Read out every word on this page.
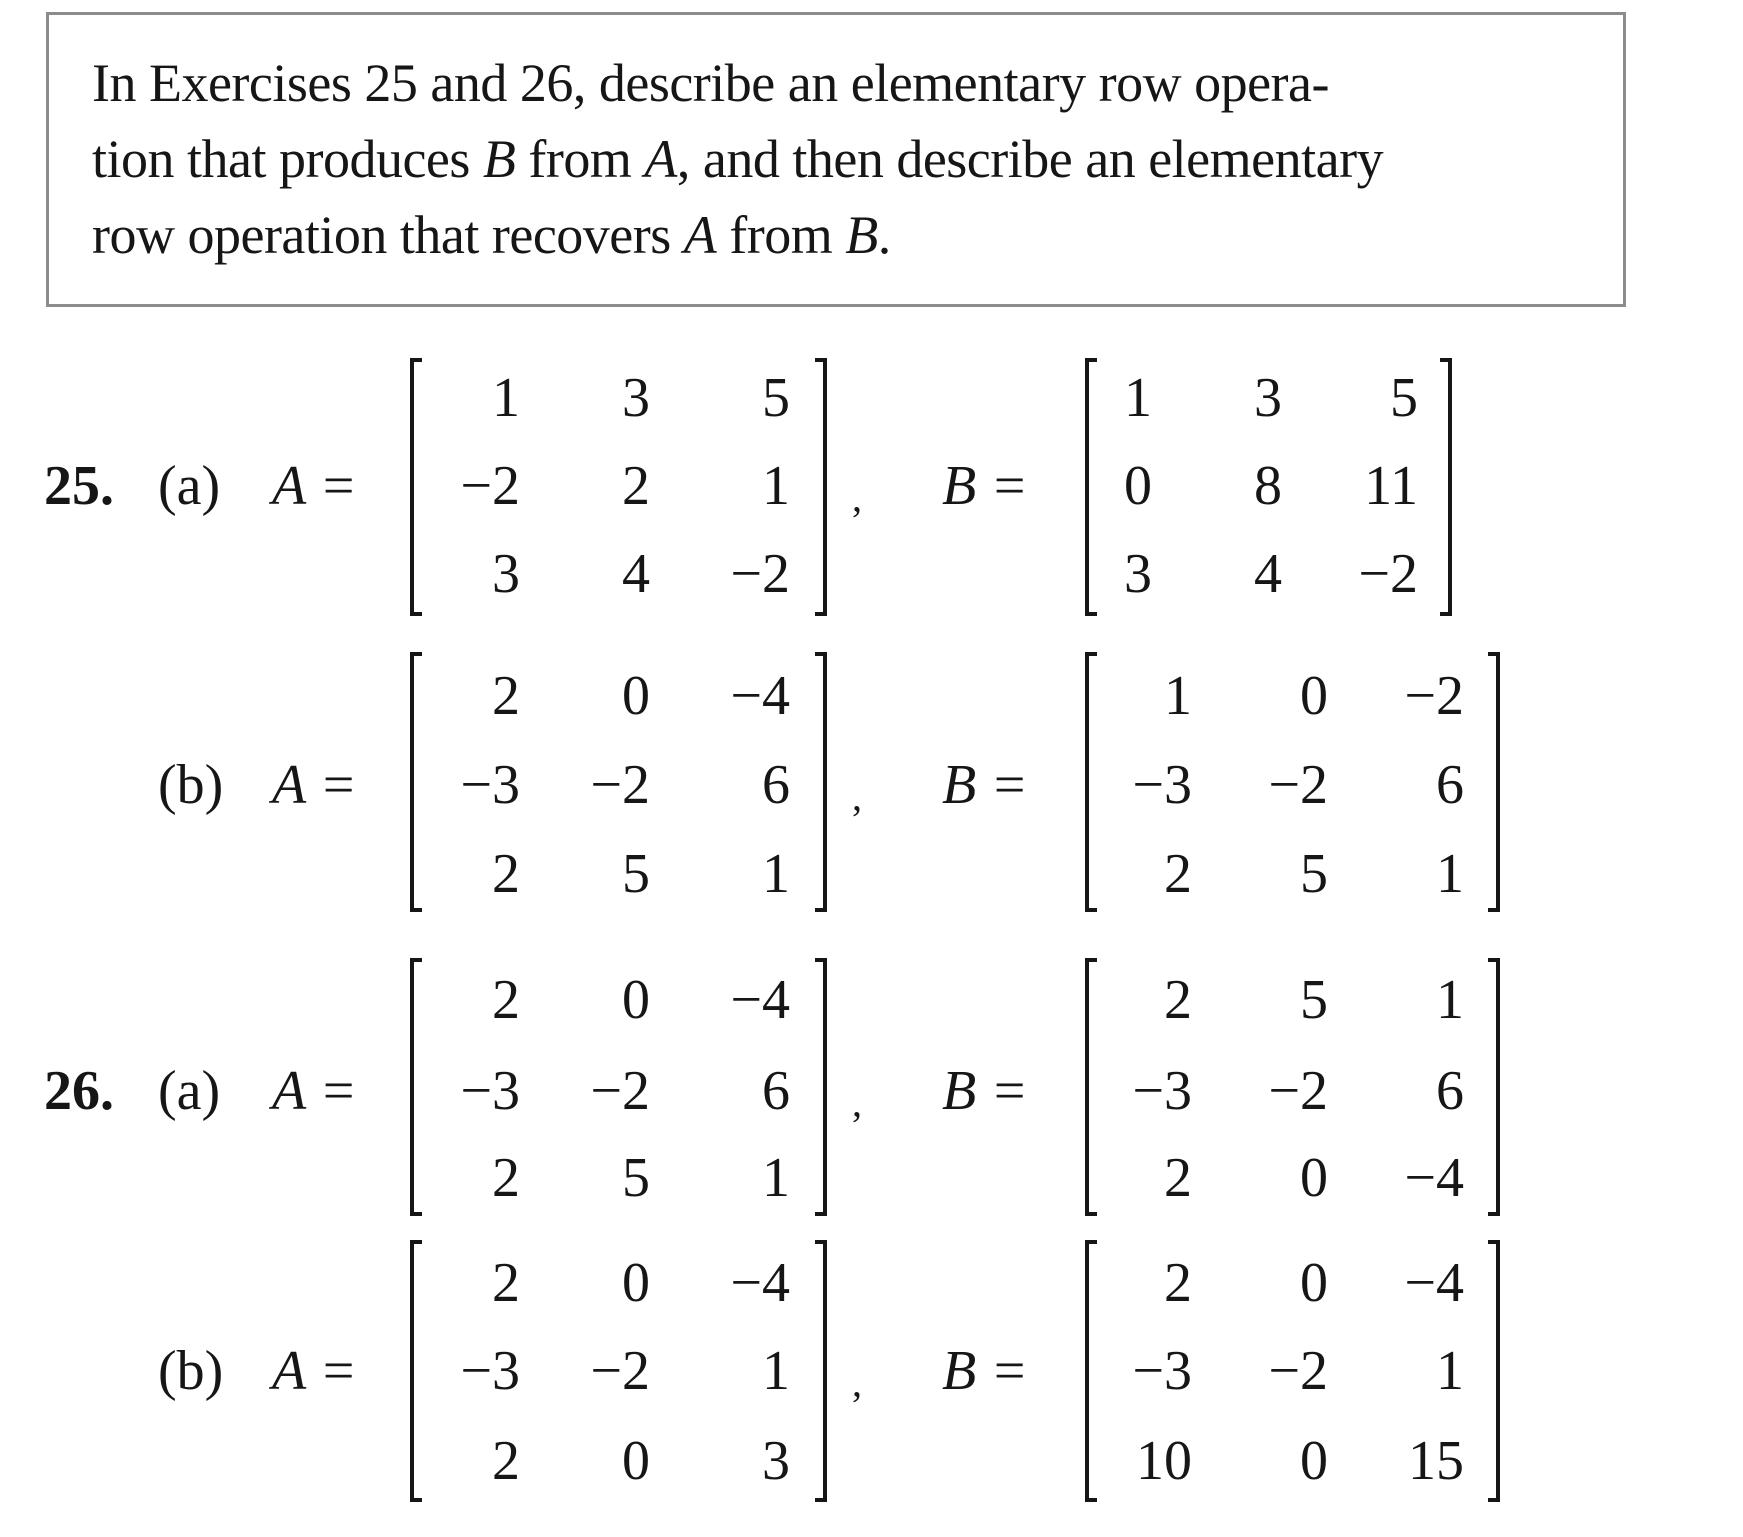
In Exercises 25 and 26, describe an elementary row opera-
tion that produces B from A, and then describe an elementary
row operation that recovers A from B.
25. (a) A =
1	3	5
−2	2	1
3	4	−2
, B =
1	3	5
0	8	11
3	4	−2
(b) A =
2	0	−4
−3	−2	6
2	5	1
, B =
1	0	−2
−3	−2	6
2	5	1
26. (a) A =
2	0	−4
−3	−2	6
2	5	1
, B =
2	5	1
−3	−2	6
2	0	−4
(b) A =
2	0	−4
−3	−2	1
2	0	3
, B =
2	0	−4
−3	−2	1
10	0	15
